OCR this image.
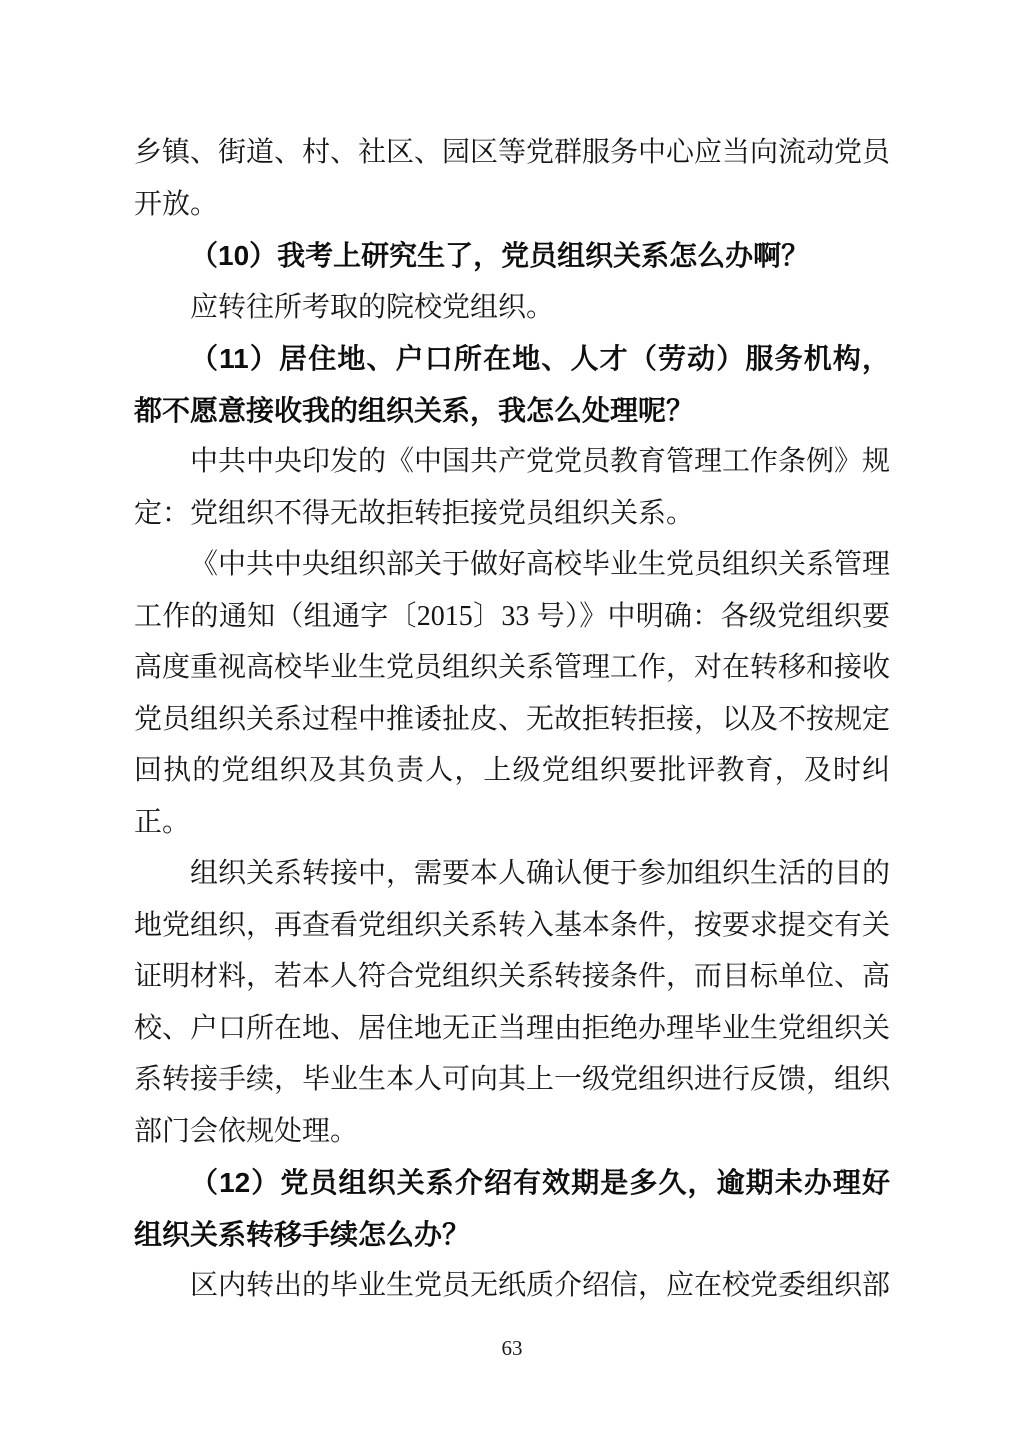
乡镇、街道、村、社区、园区等党群服务中心应当向流动党员开放。

（10）我考上研究生了，党员组织关系怎么办啊？

应转往所考取的院校党组织。

（11）居住地、户口所在地、人才（劳动）服务机构，都不愿意接收我的组织关系，我怎么处理呢？

中共中央印发的《中国共产党党员教育管理工作条例》规定：党组织不得无故拒转拒接党员组织关系。

《中共中央组织部关于做好高校毕业生党员组织关系管理工作的通知（组通字〔2015〕33 号）》中明确：各级党组织要高度重视高校毕业生党员组织关系管理工作，对在转移和接收党员组织关系过程中推诿扯皮、无故拒转拒接，以及不按规定回执的党组织及其负责人，上级党组织要批评教育，及时纠正。

组织关系转接中，需要本人确认便于参加组织生活的目的地党组织，再查看党组织关系转入基本条件，按要求提交有关证明材料，若本人符合党组织关系转接条件，而目标单位、高校、户口所在地、居住地无正当理由拒绝办理毕业生党组织关系转接手续，毕业生本人可向其上一级党组织进行反馈，组织部门会依规处理。

（12）党员组织关系介绍有效期是多久，逾期未办理好组织关系转移手续怎么办？

区内转出的毕业生党员无纸质介绍信，应在校党委组织部

63
